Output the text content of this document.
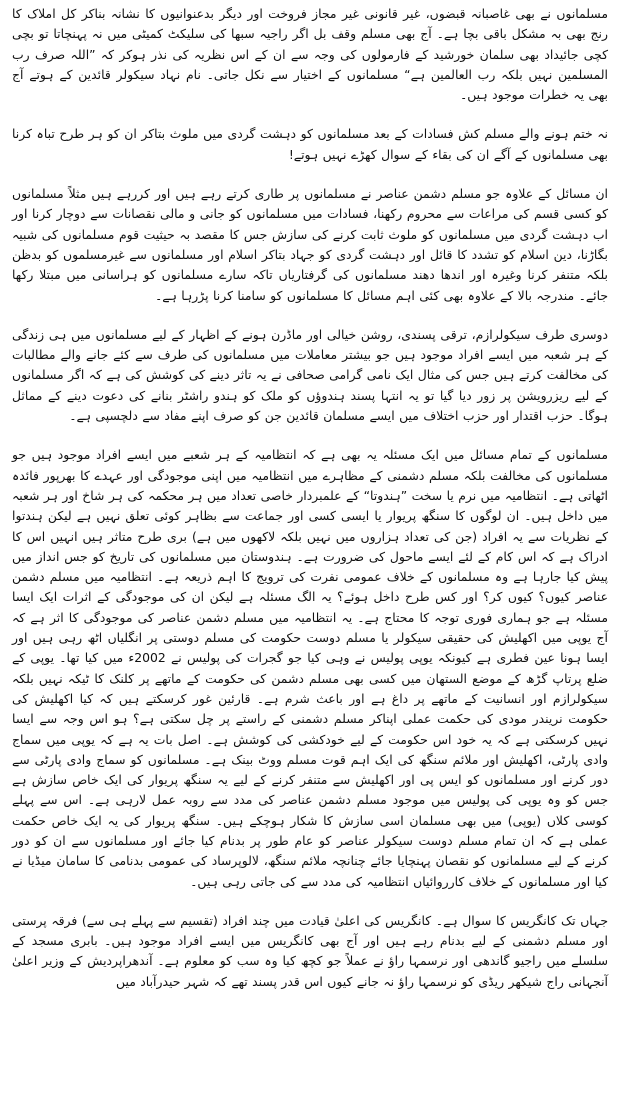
مسلمانوں نے بھی غاصبانہ قبضوں، غیر قانونی غیر مجاز فروخت اور دیگر بدعنوانیوں کا نشانہ بناکر کل املاک کا رنج بھی بہ مشکل باقی بچا ہے۔ آج بھی مسلم وقف بل اگر راجیہ سبھا کی سلیکٹ کمیٹی میں نہ پہنچاتا تو بچی کچی جائیداد بھی سلمان خورشید کے فارمولوں کی وجہ سے ان کے اس نظریہ کی نذر ہوکر کہ ”اللہ صرف رب المسلمین نہیں بلکہ رب العالمین ہے“ مسلمانوں کے اختیار سے نکل جاتی۔ نام نہاد سیکولر قائدین کے ہوتے آج بھی یہ خطرات موجود ہیں۔

نہ ختم ہونے والے مسلم کش فسادات کے بعد مسلمانوں کو دہشت گردی میں ملوث بتاکر ان کو ہر طرح تباہ کرنا بھی مسلمانوں کے آگے ان کی بقاء کے سوال کھڑے نہیں ہوتے!

ان مسائل کے علاوہ جو مسلم دشمن عناصر نے مسلمانوں پر طاری کرتے رہے ہیں اور کررہے ہیں مثلاً مسلمانوں کو کسی قسم کی مراعات سے محروم رکھنا، فسادات میں مسلمانوں کو جانی و مالی نقصانات سے دوچار کرنا اور اب دہشت گردی میں مسلمانوں کو ملوث ثابت کرنے کی سازش جس کا مقصد بہ حیثیت قوم مسلمانوں کی شبیہ بگاڑنا، دین اسلام کو تشدد کا قائل اور دہشت گردی کو جہاد بتاکر اسلام اور مسلمانوں سے غیرمسلموں کو بدظن بلکہ متنفر کرنا وغیرہ اور اندھا دھند مسلمانوں کی گرفتاریاں تاکہ سارے مسلمانوں کو ہراسانی میں مبتلا رکھا جائے۔ مندرجہ بالا کے علاوہ بھی کئی اہم مسائل کا مسلمانوں کو سامنا کرنا پڑرہا ہے۔

دوسری طرف سیکولرازم، ترقی پسندی، روشن خیالی اور ماڈرن ہونے کے اظہار کے لیے مسلمانوں میں ہی زندگی کے ہر شعبہ میں ایسے افراد موجود ہیں جو بیشتر معاملات میں مسلمانوں کی طرف سے کئے جانے والے مطالبات کی مخالفت کرتے ہیں جس کی مثال ایک نامی گرامی صحافی نے یہ تاثر دینے کی کوشش کی ہے کہ اگر مسلمانوں کے لیے ریزرویشن پر زور دیا گیا تو یہ انتہا پسند ہندوؤں کو ملک کو ہندو راشٹر بنانے کی دعوت دینے کے مماثل ہوگا۔ حزب اقتدار اور حزب اختلاف میں ایسے مسلمان قائدین جن کو صرف اپنے مفاد سے دلچسپی ہے۔

مسلمانوں کے تمام مسائل میں ایک مسئلہ یہ بھی ہے کہ انتظامیہ کے ہر شعبے میں ایسے افراد موجود ہیں جو مسلمانوں کی مخالفت بلکہ مسلم دشمنی کے مظاہرے میں انتظامیہ میں اپنی موجودگی اور عہدے کا بھرپور فائدہ اٹھاتی ہے۔ انتظامیہ میں نرم یا سخت ”ہندوتا“ کے علمبردار خاصی تعداد میں ہر محکمہ کی ہر شاخ اور ہر شعبہ میں داخل ہیں۔ ان لوگوں کا سنگھ پریوار یا ایسی کسی اور جماعت سے بظاہر کوئی تعلق نہیں ہے لیکن ہندتوا کے نظریات سے یہ افراد (جن کی تعداد ہزاروں میں نہیں بلکہ لاکھوں میں ہے) بری طرح متاثر ہیں انہیں اس کا ادراک ہے کہ اس کام کے لئے ایسے ماحول کی ضرورت ہے۔ ہندوستان میں مسلمانوں کی تاریخ کو جس انداز میں پیش کیا جارہا ہے وہ مسلمانوں کے خلاف عمومی نفرت کی ترویج کا اہم ذریعہ ہے۔ انتظامیہ میں مسلم دشمن عناصر کیوں؟ کیوں کر؟ اور کس طرح داخل ہوئے؟ یہ الگ مسئلہ ہے لیکن ان کی موجودگی کے اثرات ایک ایسا مسئلہ ہے جو ہماری فوری توجہ کا محتاج ہے۔ یہ انتظامیہ میں مسلم دشمن عناصر کی موجودگی کا اثر ہے کہ آج یوپی میں اکھلیش کی حقیقی سیکولر یا مسلم دوست حکومت کی مسلم دوستی پر انگلیاں اٹھ رہی ہیں اور ایسا ہونا عین فطری ہے کیونکہ یوپی پولیس نے وہی کیا جو گجرات کی پولیس نے 2002ء میں کیا تھا۔ یوپی کے ضلع پرتاپ گڑھ کے موضع الستھان میں کسی بھی مسلم دشمن کی حکومت کے ماتھے پر کلنک کا ٹیکہ نہیں بلکہ سیکولرازم اور انسانیت کے ماتھے پر داغ ہے اور باعث شرم ہے۔ قارئین غور کرسکتے ہیں کہ کیا اکھلیش کی حکومت نریندر مودی کی حکمت عملی اپناکر مسلم دشمنی کے راستے پر چل سکتی ہے؟ ہو اس وجہ سے ایسا نہیں کرسکتی ہے کہ یہ خود اس حکومت کے لیے خودکشی کی کوشش ہے۔ اصل بات یہ ہے کہ یوپی میں سماج وادی پارٹی، اکھلیش اور ملائم سنگھ کی ایک اہم قوت مسلم ووٹ بینک ہے۔ مسلمانوں کو سماج وادی پارٹی سے دور کرنے اور مسلمانوں کو ایس پی اور اکھلیش سے متنفر کرنے کے لیے یہ سنگھ پریوار کی ایک خاص سازش ہے جس کو وہ یوپی کی پولیس میں موجود مسلم دشمن عناصر کی مدد سے روبہ عمل لارہی ہے۔ اس سے پہلے کوسی کلاں (یوپی) میں بھی مسلمان اسی سازش کا شکار ہوچکے ہیں۔ سنگھ پریوار کی یہ ایک خاص حکمت عملی ہے کہ ان تمام مسلم دوست سیکولر عناصر کو عام طور پر بدنام کیا جائے اور مسلمانوں سے ان کو دور کرنے کے لیے مسلمانوں کو نقصان پہنچایا جائے چنانچہ ملائم سنگھ، لالوپرساد کی عمومی بدنامی کا سامان میڈیا نے کیا اور مسلمانوں کے خلاف کارروائیاں انتظامیہ کی مدد سے کی جاتی رہی ہیں۔

جہاں تک کانگریس کا سوال ہے۔ کانگریس کی اعلیٰ قیادت میں چند افراد (تقسیم سے پہلے ہی سے) فرقہ پرستی اور مسلم دشمنی کے لیے بدنام رہے ہیں اور آج بھی کانگریس میں ایسے افراد موجود ہیں۔ بابری مسجد کے سلسلے میں راجیو گاندھی اور نرسمہا راؤ نے عملاً جو کچھ کیا وہ سب کو معلوم ہے۔ آندھراپردیش کے وزیر اعلیٰ آنجہانی راج شیکھر ریڈی کو نرسمہا راؤ نہ جانے کیوں اس قدر پسند تھے کہ شہر حیدرآباد میں
